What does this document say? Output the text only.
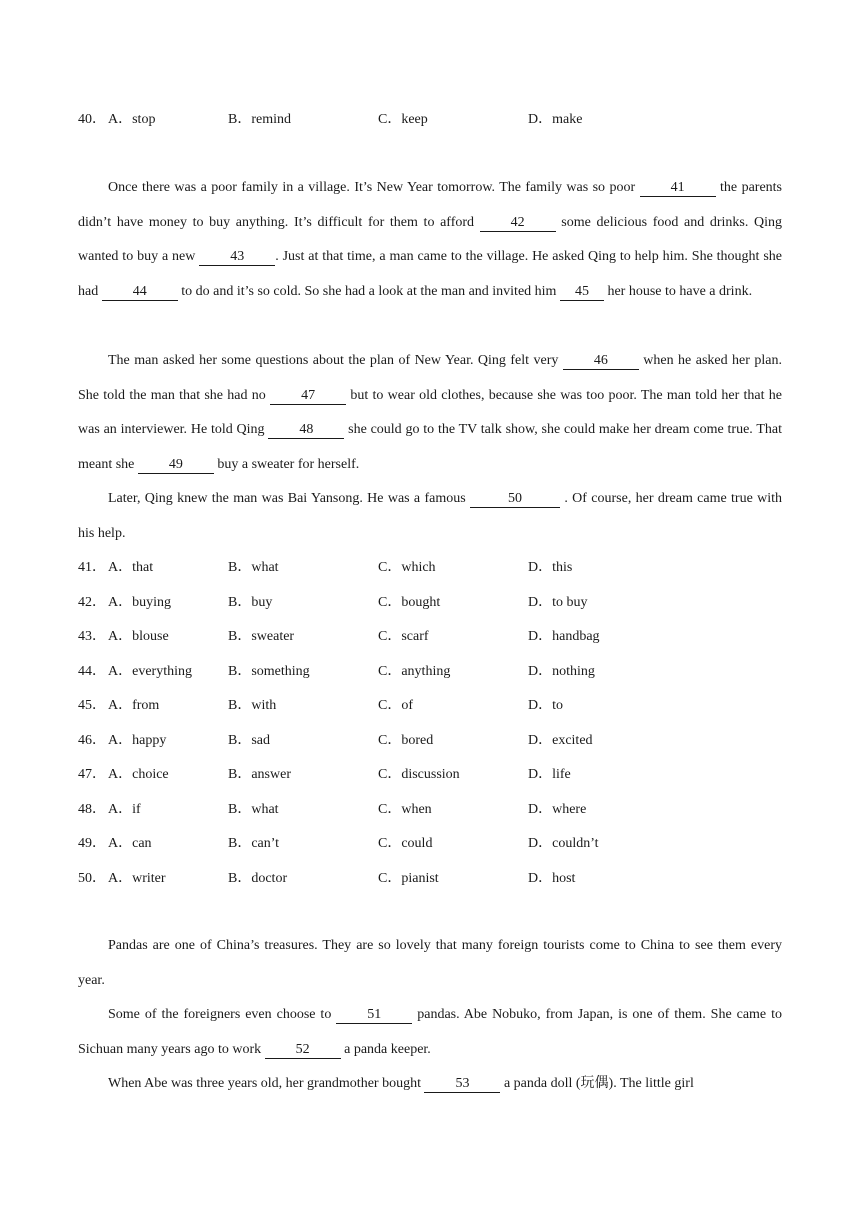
40． A．stop	B．remind	C．keep	D．make

Once there was a poor family in a village. It’s New Year tomorrow. The family was so poor 41 the parents didn’t have money to buy anything. It’s difficult for them to afford 42 some delicious food and drinks. Qing wanted to buy a new 43 . Just at that time, a man came to the village. He asked Qing to help him. She thought she had 44 to do and it’s so cold. So she had a look at the man and invited him 45 her house to have a drink.

The man asked her some questions about the plan of New Year. Qing felt very 46 when he asked her plan. She told the man that she had no 47 but to wear old clothes, because she was too poor. The man told her that he was an interviewer. He told Qing 48 she could go to the TV talk show, she could make her dream come true. That meant she 49 buy a sweater for herself.

Later, Qing knew the man was Bai Yansong. He was a famous	50	. Of course, her dream came true with his help.

41． A．that	B．what	C．which	D．this
42． A．buying	B．buy	C．bought	D．to buy
43． A．blouse	B．sweater	C．scarf	D．handbag
44． A．everything	B．something	C．anything	D．nothing
45． A．from	B．with	C．of	D．to
46． A．happy	B．sad	C．bored	D．excited
47． A．choice	B．answer	C．discussion	D．life
48． A．if	B．what	C．when	D．where
49． A．can	B．can’t	C．could	D．couldn’t
50． A．writer	B．doctor	C．pianist	D．host

Pandas are one of China’s treasures. They are so lovely that many foreign tourists come to China to see them every year.

Some of the foreigners even choose to 51 pandas. Abe Nobuko, from Japan, is one of them. She came to Sichuan many years ago to work 52 a panda keeper.

When Abe was three years old, her grandmother bought 53 a panda doll (玩偶). The little girl
